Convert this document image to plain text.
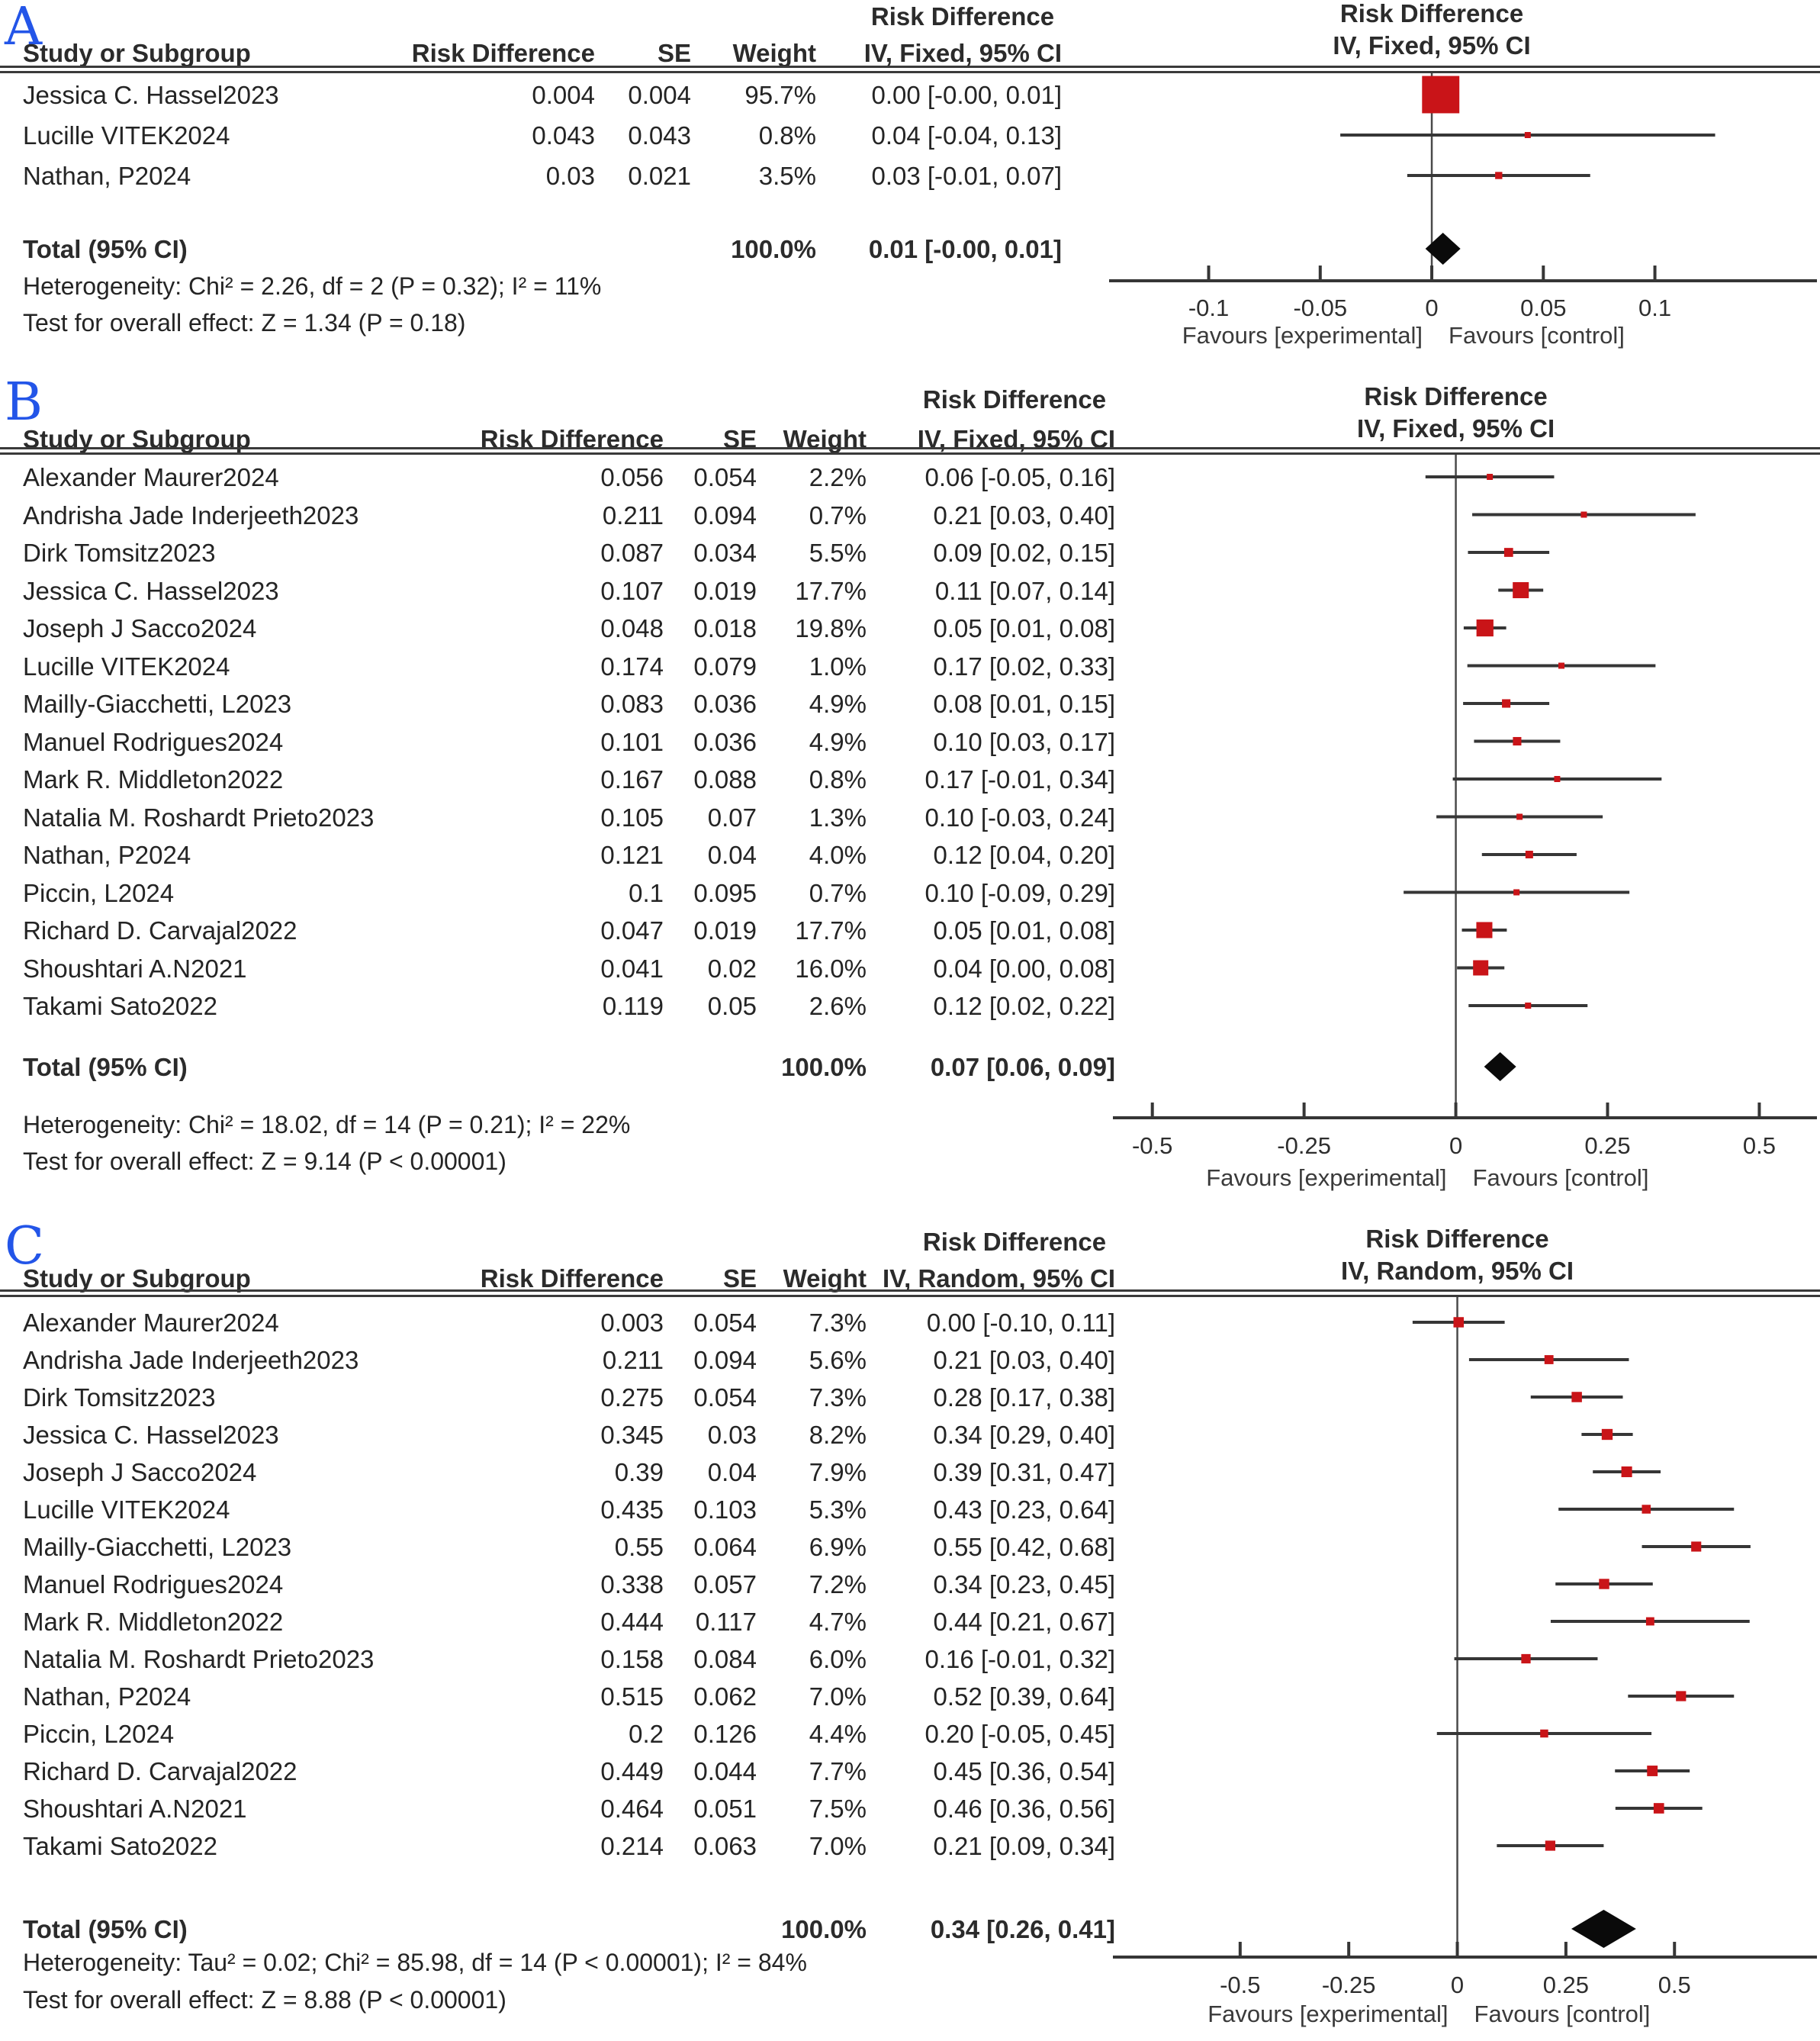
A	Risk Difference
Study or Subgroup	Risk Difference	SE	Weight	IV, Fixed, 95% CI
Jessica C. Hassel2023	0.004	0.004	95.7%	0.00 [-0.00, 0.01]
Lucille VITEK2024	0.043	0.043	0.8%	0.04 [-0.04, 0.13]
Nathan, P2024	0.03	0.021	3.5%	0.03 [-0.01, 0.07]
Total (95% CI)	100.0%	0.01 [-0.00, 0.01]
Heterogeneity: Chi² = 2.26, df = 2 (P = 0.32); I² = 11%
Test for overall effect: Z = 1.34 (P = 0.18)
Risk Difference
IV, Fixed, 95% CI
-0.1	-0.05	0	0.05	0.1
Favours [experimental] Favours [control]
B	Risk Difference
Study or Subgroup	Risk Difference	SE	Weight	IV, Fixed, 95% CI
Alexander Maurer2024	0.056	0.054	2.2%	0.06 [-0.05, 0.16]
Andrisha Jade Inderjeeth2023	0.211	0.094	0.7%	0.21 [0.03, 0.40]
Dirk Tomsitz2023	0.087	0.034	5.5%	0.09 [0.02, 0.15]
Jessica C. Hassel2023	0.107	0.019	17.7%	0.11 [0.07, 0.14]
Joseph J Sacco2024	0.048	0.018	19.8%	0.05 [0.01, 0.08]
Lucille VITEK2024	0.174	0.079	1.0%	0.17 [0.02, 0.33]
Mailly-Giacchetti, L2023	0.083	0.036	4.9%	0.08 [0.01, 0.15]
Manuel Rodrigues2024	0.101	0.036	4.9%	0.10 [0.03, 0.17]
Mark R. Middleton2022	0.167	0.088	0.8%	0.17 [-0.01, 0.34]
Natalia M. Roshardt Prieto2023	0.105	0.07	1.3%	0.10 [-0.03, 0.24]
Nathan, P2024	0.121	0.04	4.0%	0.12 [0.04, 0.20]
Piccin, L2024	0.1	0.095	0.7%	0.10 [-0.09, 0.29]
Richard D. Carvajal2022	0.047	0.019	17.7%	0.05 [0.01, 0.08]
Shoushtari A.N2021	0.041	0.02	16.0%	0.04 [0.00, 0.08]
Takami Sato2022	0.119	0.05	2.6%	0.12 [0.02, 0.22]
Total (95% CI)	100.0%	0.07 [0.06, 0.09]
Heterogeneity: Chi² = 18.02, df = 14 (P = 0.21); I² = 22%
Test for overall effect: Z = 9.14 (P < 0.00001)
Risk Difference
IV, Fixed, 95% CI
-0.5	-0.25	0	0.25	0.5
Favours [experimental] Favours [control]
C	Risk Difference
Study or Subgroup	Risk Difference	SE	Weight IV, Random, 95% CI
Alexander Maurer2024	0.003	0.054	7.3%	0.00 [-0.10, 0.11]
Andrisha Jade Inderjeeth2023	0.211	0.094	5.6%	0.21 [0.03, 0.40]
Dirk Tomsitz2023	0.275	0.054	7.3%	0.28 [0.17, 0.38]
Jessica C. Hassel2023	0.345	0.03	8.2%	0.34 [0.29, 0.40]
Joseph J Sacco2024	0.39	0.04	7.9%	0.39 [0.31, 0.47]
Lucille VITEK2024	0.435	0.103	5.3%	0.43 [0.23, 0.64]
Mailly-Giacchetti, L2023	0.55	0.064	6.9%	0.55 [0.42, 0.68]
Manuel Rodrigues2024	0.338	0.057	7.2%	0.34 [0.23, 0.45]
Mark R. Middleton2022	0.444	0.117	4.7%	0.44 [0.21, 0.67]
Natalia M. Roshardt Prieto2023	0.158	0.084	6.0%	0.16 [-0.01, 0.32]
Nathan, P2024	0.515	0.062	7.0%	0.52 [0.39, 0.64]
Piccin, L2024	0.2	0.126	4.4%	0.20 [-0.05, 0.45]
Richard D. Carvajal2022	0.449	0.044	7.7%	0.45 [0.36, 0.54]
Shoushtari A.N2021	0.464	0.051	7.5%	0.46 [0.36, 0.56]
Takami Sato2022	0.214	0.063	7.0%	0.21 [0.09, 0.34]
Total (95% CI)	100.0%	0.34 [0.26, 0.41]
Heterogeneity: Tau² = 0.02; Chi² = 85.98, df = 14 (P < 0.00001); I² = 84%
Test for overall effect: Z = 8.88 (P < 0.00001)
Risk Difference
IV, Random, 95% CI
-0.5	-0.25	0	0.25	0.5
Favours [experimental] Favours [control]
